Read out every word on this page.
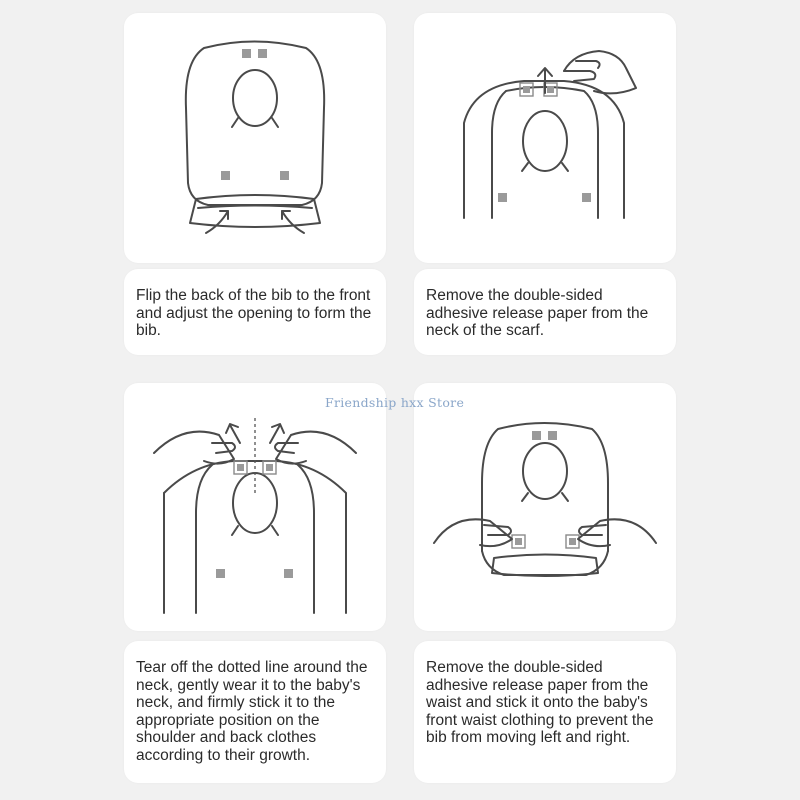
Flip the back of the bib to the front and adjust the opening to form the bib.

Remove the double-sided adhesive release paper from the neck of the scarf.

Tear off the dotted line around the neck, gently wear it to the baby's neck, and firmly stick it to the appropriate position on the shoulder and back clothes according to their growth.

Remove the double-sided adhesive release paper from the waist and stick it onto the baby's front waist clothing to prevent the bib from moving left and right.

Friendship hxx Store
